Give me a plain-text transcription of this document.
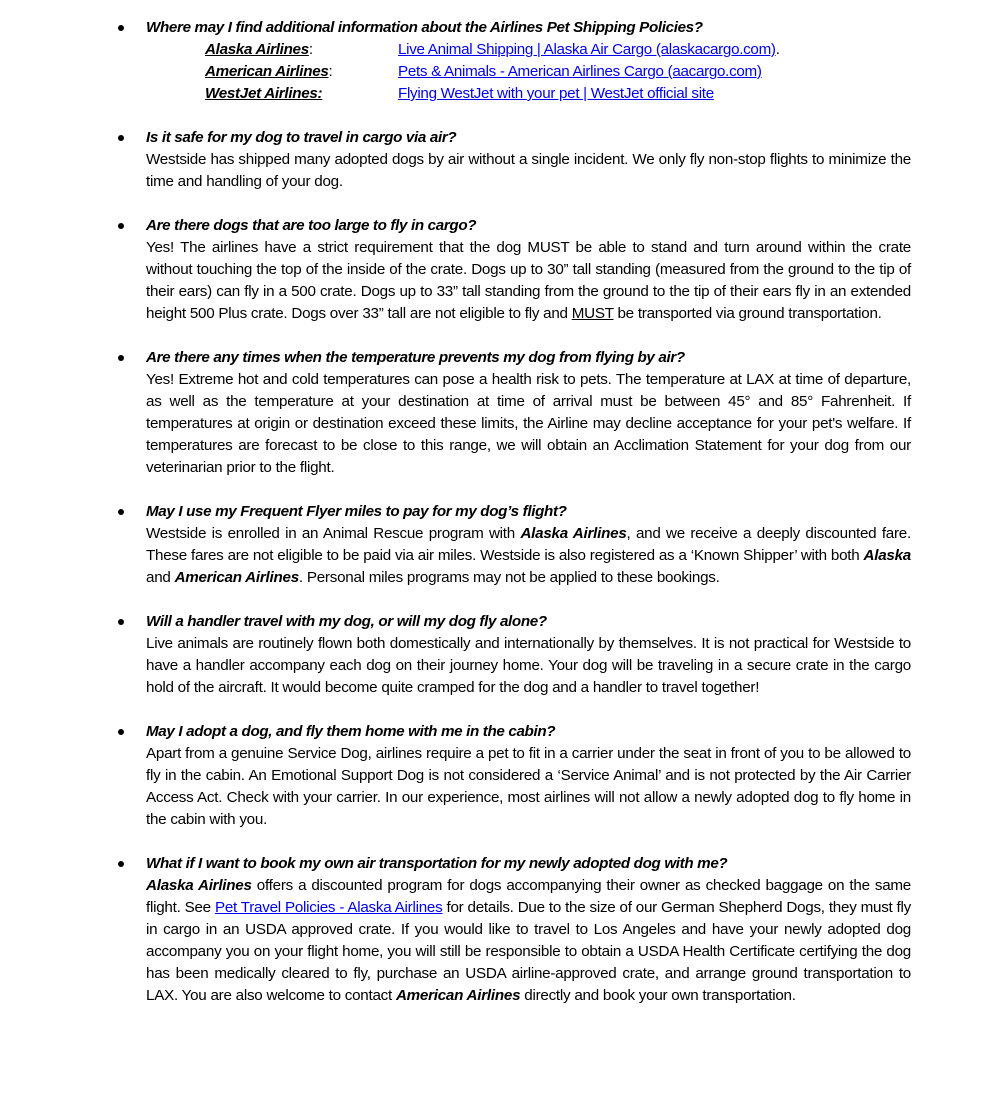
Where may I find additional information about the Airlines Pet Shipping Policies?
Alaska Airlines:	Live Animal Shipping | Alaska Air Cargo (alaskacargo.com).
American Airlines:	Pets & Animals - American Airlines Cargo (aacargo.com)
WestJet Airlines:	Flying WestJet with your pet | WestJet official site
Is it safe for my dog to travel in cargo via air?
Westside has shipped many adopted dogs by air without a single incident. We only fly non-stop flights to minimize the time and handling of your dog.
Are there dogs that are too large to fly in cargo?
Yes! The airlines have a strict requirement that the dog MUST be able to stand and turn around within the crate without touching the top of the inside of the crate. Dogs up to 30” tall standing (measured from the ground to the tip of their ears) can fly in a 500 crate. Dogs up to 33” tall standing from the ground to the tip of their ears fly in an extended height 500 Plus crate. Dogs over 33” tall are not eligible to fly and MUST be transported via ground transportation.
Are there any times when the temperature prevents my dog from flying by air?
Yes! Extreme hot and cold temperatures can pose a health risk to pets. The temperature at LAX at time of departure, as well as the temperature at your destination at time of arrival must be between 45° and 85° Fahrenheit. If temperatures at origin or destination exceed these limits, the Airline may decline acceptance for your pet's welfare. If temperatures are forecast to be close to this range, we will obtain an Acclimation Statement for your dog from our veterinarian prior to the flight.
May I use my Frequent Flyer miles to pay for my dog’s flight?
Westside is enrolled in an Animal Rescue program with Alaska Airlines, and we receive a deeply discounted fare. These fares are not eligible to be paid via air miles. Westside is also registered as a ‘Known Shipper’ with both Alaska and American Airlines. Personal miles programs may not be applied to these bookings.
Will a handler travel with my dog, or will my dog fly alone?
Live animals are routinely flown both domestically and internationally by themselves. It is not practical for Westside to have a handler accompany each dog on their journey home. Your dog will be traveling in a secure crate in the cargo hold of the aircraft. It would become quite cramped for the dog and a handler to travel together!
May I adopt a dog, and fly them home with me in the cabin?
Apart from a genuine Service Dog, airlines require a pet to fit in a carrier under the seat in front of you to be allowed to fly in the cabin. An Emotional Support Dog is not considered a ‘Service Animal’ and is not protected by the Air Carrier Access Act. Check with your carrier. In our experience, most airlines will not allow a newly adopted dog to fly home in the cabin with you.
What if I want to book my own air transportation for my newly adopted dog with me?
Alaska Airlines offers a discounted program for dogs accompanying their owner as checked baggage on the same flight. See Pet Travel Policies - Alaska Airlines for details. Due to the size of our German Shepherd Dogs, they must fly in cargo in an USDA approved crate. If you would like to travel to Los Angeles and have your newly adopted dog accompany you on your flight home, you will still be responsible to obtain a USDA Health Certificate certifying the dog has been medically cleared to fly, purchase an USDA airline-approved crate, and arrange ground transportation to LAX. You are also welcome to contact American Airlines directly and book your own transportation.
